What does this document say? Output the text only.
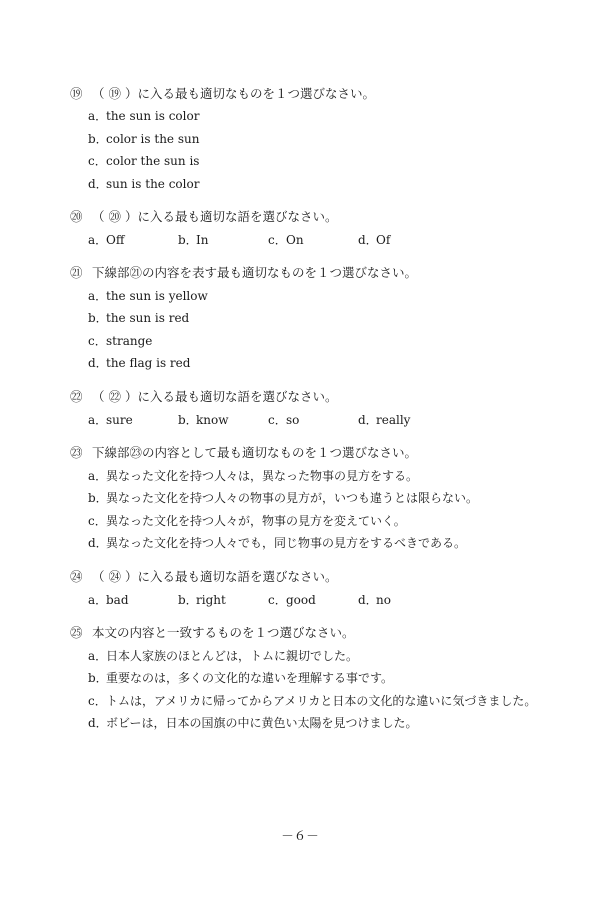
⑲ （ ⑲ ）に入る最も適切なものを１つ選びなさい。
a．the sun is color
b．color is the sun
c．color the sun is
d．sun is the color
⑳ （ ⑳ ）に入る最も適切な語を選びなさい。
a．Off	b．In	c．On	d．Of
㉑ 下線部㉑の内容を表す最も適切なものを１つ選びなさい。
a．the sun is yellow
b．the sun is red
c．strange
d．the flag is red
㉒ （ ㉒ ）に入る最も適切な語を選びなさい。
a．sure	b．know	c．so	d．really
㉓ 下線部㉓の内容として最も適切なものを１つ選びなさい。
a．異なった文化を持つ人々は，異なった物事の見方をする。
b．異なった文化を持つ人々の物事の見方が，いつも違うとは限らない。
c．異なった文化を持つ人々が，物事の見方を変えていく。
d．異なった文化を持つ人々でも，同じ物事の見方をするべきである。
㉔ （ ㉔ ）に入る最も適切な語を選びなさい。
a．bad	b．right	c．good	d．no
㉕ 本文の内容と一致するものを１つ選びなさい。
a．日本人家族のほとんどは，トムに親切でした。
b．重要なのは，多くの文化的な違いを理解する事です。
c．トムは，アメリカに帰ってからアメリカと日本の文化的な違いに気づきました。
d．ボビーは，日本の国旗の中に黄色い太陽を見つけました。
－６－
